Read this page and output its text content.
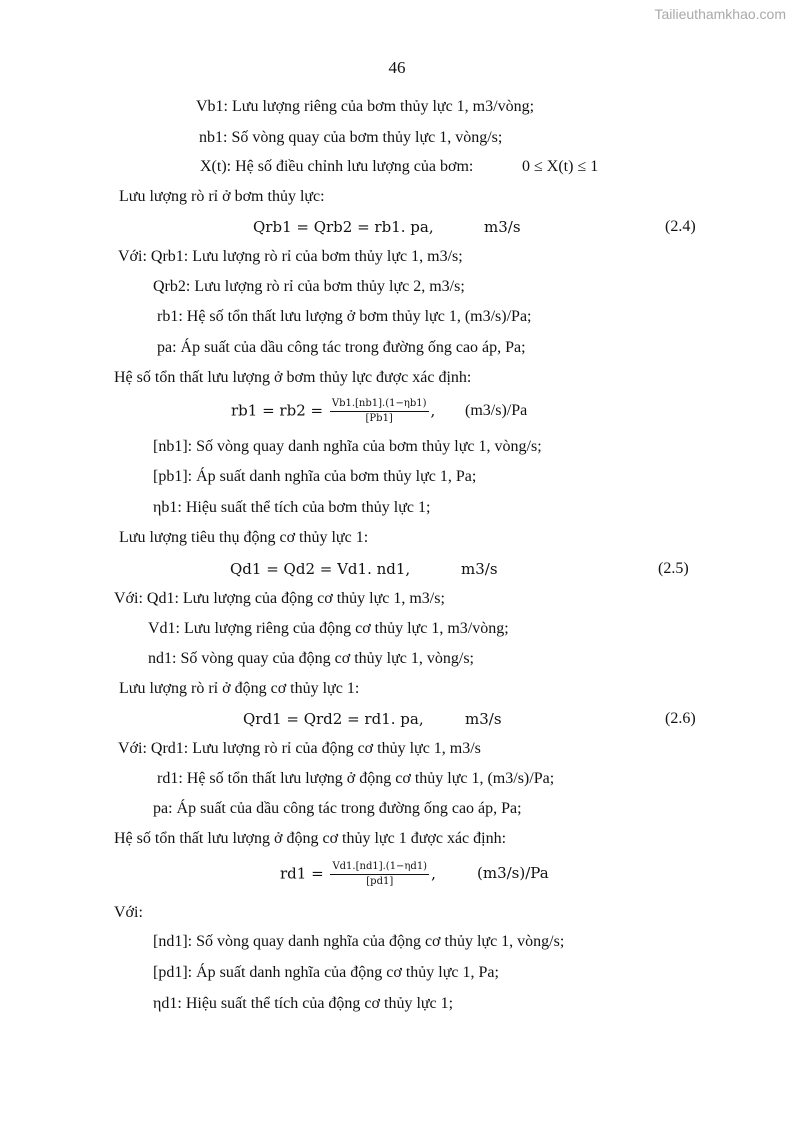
Tailieuthamkhao.com
46
Vb1: Lưu lượng riêng của bơm thủy lực 1, m3/vòng;
nb1: Số vòng quay của bơm thủy lực 1, vòng/s;
X(t): Hệ số điều chỉnh lưu lượng của bơm:	0 ≤ X(t) ≤ 1
Lưu lượng rò rỉ ở bơm thủy lực:
Qrb1 = Qrb2 = rb1. pa,	m3/s	(2.4)
Với: Qrb1: Lưu lượng rò rỉ của bơm thủy lực 1, m3/s;
Qrb2: Lưu lượng rò rỉ của bơm thủy lực 2, m3/s;
rb1: Hệ số tổn thất lưu lượng ở bơm thủy lực 1, (m3/s)/Pa;
pa: Áp suất của dầu công tác trong đường ống cao áp, Pa;
Hệ số tổn thất lưu lượng ở bơm thủy lực được xác định:
$rb1 = rb2 = \frac{Vb1.[nb1].(1-\eta b1)}{[Pb1]}$ , (m3/s)/Pa
[nb1]: Số vòng quay danh nghĩa của bơm thủy lực 1, vòng/s;
[pb1]: Áp suất danh nghĩa của bơm thủy lực 1, Pa;
ηb1: Hiệu suất thể tích của bơm thủy lực 1;
Lưu lượng tiêu thụ động cơ thủy lực 1:
Qd1 = Qd2 = Vd1. nd1,	m3/s	(2.5)
Với: Qd1: Lưu lượng của động cơ thủy lực 1, m3/s;
Vd1: Lưu lượng riêng của động cơ thủy lực 1, m3/vòng;
nd1: Số vòng quay của động cơ thủy lực 1, vòng/s;
Lưu lượng rò rỉ ở động cơ thủy lực 1:
Qrd1 = Qrd2 = rd1. pa,	m3/s	(2.6)
Với: Qrd1: Lưu lượng rò rỉ của động cơ thủy lực 1, m3/s
rd1: Hệ số tổn thất lưu lượng ở động cơ thủy lực 1, (m3/s)/Pa;
pa: Áp suất của dầu công tác trong đường ống cao áp, Pa;
Hệ số tổn thất lưu lượng ở động cơ thủy lực 1 được xác định:
$rd1 = \frac{Vd1.[nd1].(1-\eta d1)}{[pd1]}$ ,	(m3/s)/Pa
Với:
[nd1]: Số vòng quay danh nghĩa của động cơ thủy lực 1, vòng/s;
[pd1]: Áp suất danh nghĩa của động cơ thủy lực 1, Pa;
ηd1: Hiệu suất thể tích của động cơ thủy lực 1;
